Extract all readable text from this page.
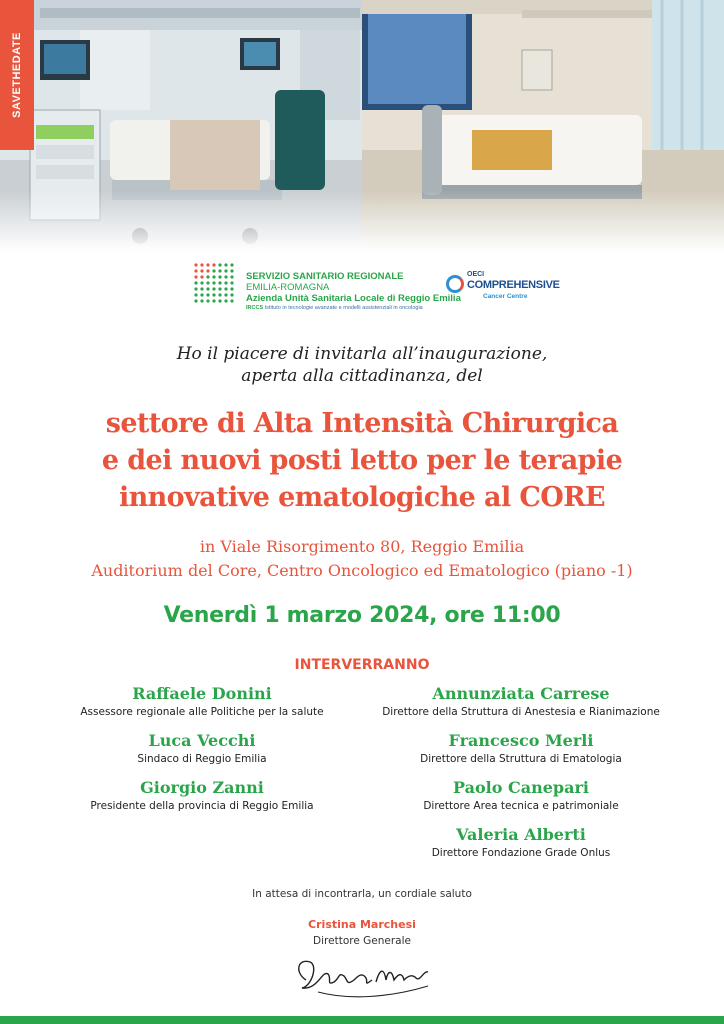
SAVETHEDATE
SERVIZIO SANITARIO REGIONALE
EMILIA-ROMAGNA
Azienda Unità Sanitaria Locale di Reggio Emilia
IRCCS Istituto in tecnologie avanzate e modelli assistenziali in oncologia
OECI
COMPREHENSIVE
Cancer Centre
Ho il piacere di invitarla all’inaugurazione,
aperta alla cittadinanza, del
settore di Alta Intensità Chirurgica
e dei nuovi posti letto per le terapie
innovative ematologiche al CORE
in Viale Risorgimento 80, Reggio Emilia
Auditorium del Core, Centro Oncologico ed Ematologico (piano -1)
Venerdì 1 marzo 2024, ore 11:00
INTERVERRANNO
Raffaele Donini
Assessore regionale alle Politiche per la salute
Luca Vecchi
Sindaco di Reggio Emilia
Giorgio Zanni
Presidente della provincia di Reggio Emilia
Annunziata Carrese
Direttore della Struttura di Anestesia e Rianimazione
Francesco Merli
Direttore della Struttura di Ematologia
Paolo Canepari
Direttore Area tecnica e patrimoniale
Valeria Alberti
Direttore Fondazione Grade Onlus
In attesa di incontrarla, un cordiale saluto
Cristina Marchesi
Direttore Generale
